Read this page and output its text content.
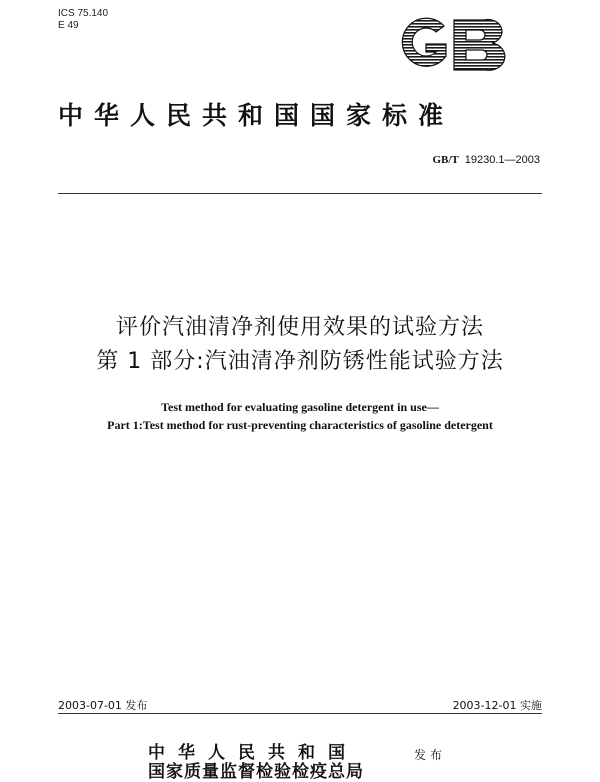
ICS 75.140
E 49
中华人民共和国国家标准
GB/T 19230.1—2003
评价汽油清净剂使用效果的试验方法
第 1 部分:汽油清净剂防锈性能试验方法
Test method for evaluating gasoline detergent in use—
Part 1:Test method for rust-preventing characteristics of gasoline detergent
2003-07-01 发布	2003-12-01 实施
中华人民共和国
国家质量监督检验检疫总局
发布
